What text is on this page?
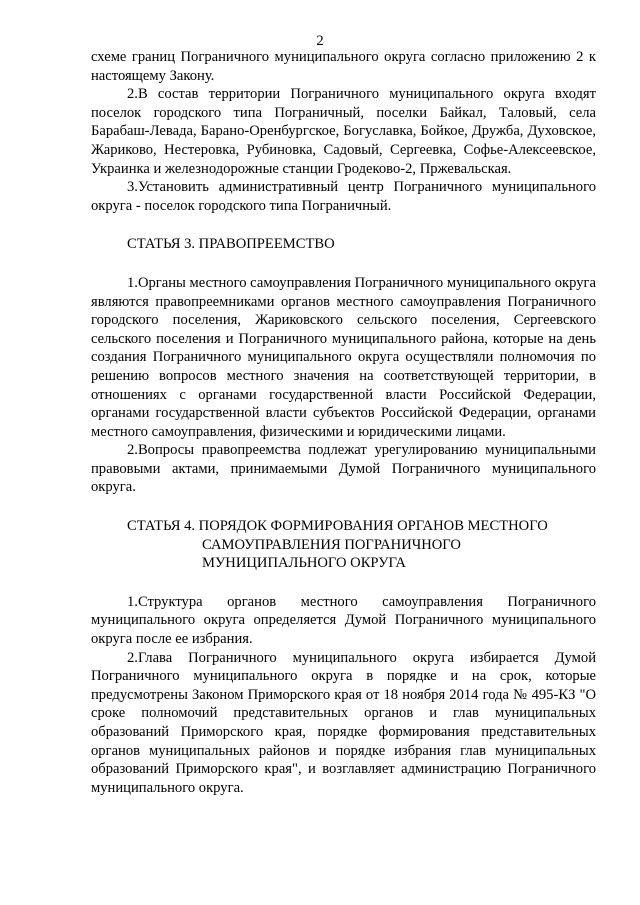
2

схеме границ Пограничного муниципального округа согласно приложению 2 к настоящему Закону.

2.В состав территории Пограничного муниципального округа входят поселок городского типа Пограничный, поселки Байкал, Таловый, села Барабаш-Левада, Барано-Оренбургское, Богуславка, Бойкое, Дружба, Духовское, Жариково, Нестеровка, Рубиновка, Садовый, Сергеевка, Софье-Алексеевское, Украинка и железнодорожные станции Гродеково-2, Пржевальская.

3.Установить административный центр Пограничного муниципального округа - поселок городского типа Пограничный.

СТАТЬЯ 3. ПРАВОПРЕЕМСТВО

1.Органы местного самоуправления Пограничного муниципального округа являются правопреемниками органов местного самоуправления Пограничного городского поселения, Жариковского сельского поселения, Сергеевского сельского поселения и Пограничного муниципального района, которые на день создания Пограничного муниципального округа осуществляли полномочия по решению вопросов местного значения на соответствующей территории, в отношениях с органами государственной власти Российской Федерации, органами государственной власти субъектов Российской Федерации, органами местного самоуправления, физическими и юридическими лицами.

2.Вопросы правопреемства подлежат урегулированию муниципальными правовыми актами, принимаемыми Думой Пограничного муниципального округа.

СТАТЬЯ 4. ПОРЯДОК ФОРМИРОВАНИЯ ОРГАНОВ МЕСТНОГО

САМОУПРАВЛЕНИЯ ПОГРАНИЧНОГО

МУНИЦИПАЛЬНОГО ОКРУГА

1.Структура органов местного самоуправления Пограничного муниципального округа определяется Думой Пограничного муниципального округа после ее избрания.

2.Глава Пограничного муниципального округа избирается Думой Пограничного муниципального округа в порядке и на срок, которые предусмотрены Законом Приморского края от 18 ноября 2014 года № 495-КЗ "О сроке полномочий представительных органов и глав муниципальных образований Приморского края, порядке формирования представительных органов муниципальных районов и порядке избрания глав муниципальных образований Приморского края", и возглавляет администрацию Пограничного муниципального округа.
